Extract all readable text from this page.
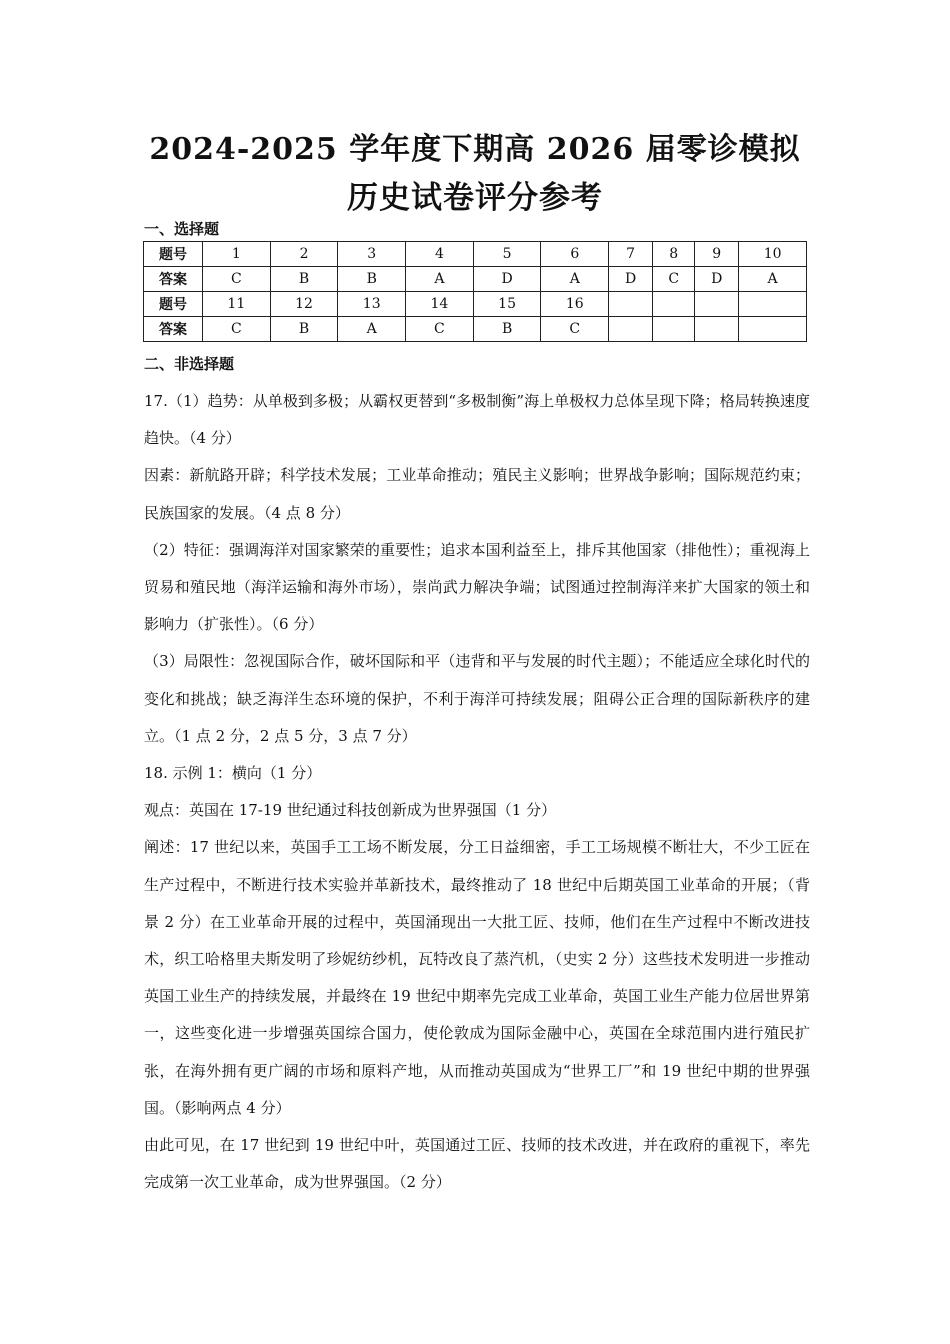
2024-2025 学年度下期高 2026 届零诊模拟
历史试卷评分参考
一、选择题
题号	1	2	3	4	5	6	7	8	9	10
答案	C	B	B	A	D	A	D	C	D	A
题号	11	12	13	14	15	16				
答案	C	B	A	C	B	C				
二、非选择题

17.（1）趋势：从单极到多极；从霸权更替到“多极制衡”海上单极权力总体呈现下降；格局转换速度趋快。（4 分）

因素：新航路开辟；科学技术发展；工业革命推动；殖民主义影响；世界战争影响；国际规范约束；民族国家的发展。（4 点 8 分）

（2）特征：强调海洋对国家繁荣的重要性；追求本国利益至上，排斥其他国家（排他性）；重视海上贸易和殖民地（海洋运输和海外市场），崇尚武力解决争端；试图通过控制海洋来扩大国家的领土和影响力（扩张性）。（6 分）

（3）局限性：忽视国际合作，破坏国际和平（违背和平与发展的时代主题）；不能适应全球化时代的变化和挑战；缺乏海洋生态环境的保护，不利于海洋可持续发展；阻碍公正合理的国际新秩序的建立。（1 点 2 分，2 点 5 分，3 点 7 分）

18. 示例 1：横向（1 分）

观点：英国在 17-19 世纪通过科技创新成为世界强国（1 分）

阐述：17 世纪以来，英国手工工场不断发展，分工日益细密，手工工场规模不断壮大，不少工匠在生产过程中，不断进行技术实验并革新技术，最终推动了 18 世纪中后期英国工业革命的开展；（背景 2 分）在工业革命开展的过程中，英国涌现出一大批工匠、技师，他们在生产过程中不断改进技术，织工哈格里夫斯发明了珍妮纺纱机，瓦特改良了蒸汽机，（史实 2 分）这些技术发明进一步推动英国工业生产的持续发展，并最终在 19 世纪中期率先完成工业革命，英国工业生产能力位居世界第一，这些变化进一步增强英国综合国力，使伦敦成为国际金融中心，英国在全球范围内进行殖民扩张，在海外拥有更广阔的市场和原料产地，从而推动英国成为“世界工厂”和 19 世纪中期的世界强国。（影响两点 4 分）

由此可见，在 17 世纪到 19 世纪中叶，英国通过工匠、技师的技术改进，并在政府的重视下，率先完成第一次工业革命，成为世界强国。（2 分）
